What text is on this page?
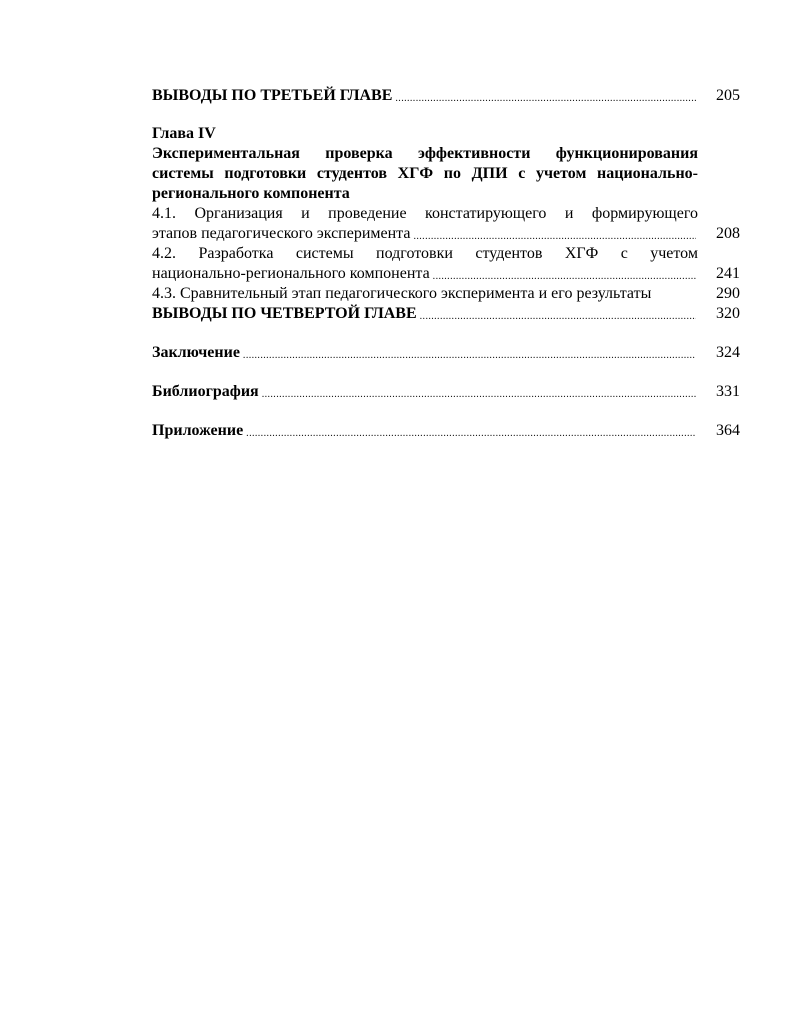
ВЫВОДЫ ПО ТРЕТЬЕЙ ГЛАВЕ .....	205
Глава IV
Экспериментальная проверка эффективности функционирования
системы подготовки студентов ХГФ по ДПИ с учетом национально-
регионального компонента
4.1. Организация и проведение констатирующего и формирующего
этапов педагогического эксперимента .....	208
4.2. Разработка системы подготовки студентов ХГФ с учетом
национально-регионального компонента .....	241
4.3. Сравнительный этап педагогического эксперимента и его результаты	290
ВЫВОДЫ ПО ЧЕТВЕРТОЙ ГЛАВЕ .....	320
Заключение .....	324
Библиография .....	331
Приложение .....	364
